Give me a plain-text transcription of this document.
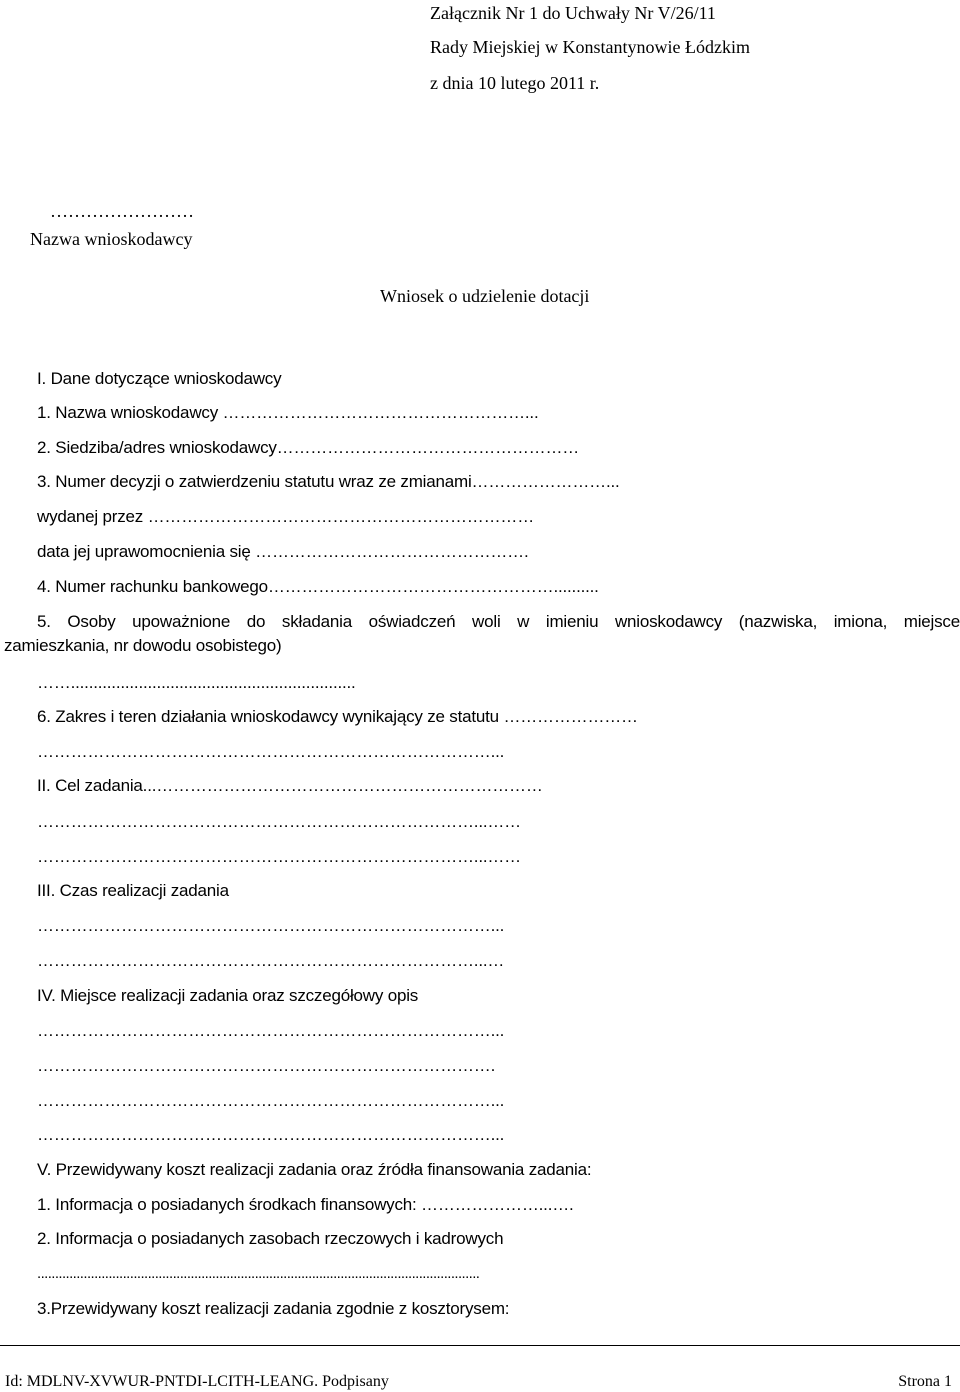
Załącznik Nr 1 do Uchwały Nr V/26/11

Rady Miejskiej w Konstantynowie Łódzkim

z dnia 10 lutego 2011 r.

……………………

Nazwa wnioskodawcy

Wniosek o udzielenie dotacji

I. Dane dotyczące wnioskodawcy

1. Nazwa wnioskodawcy ………………………………………………...

2. Siedziba/adres wnioskodawcy………………………………………………

3. Numer decyzji o zatwierdzeniu statutu wraz ze zmianami……………………...

wydanej przez ……………………………………………………………

data jej uprawomocnienia się ………………………………………….

4. Numer rachunku bankowego……………………………………………..........

5. Osoby upoważnione do składania oświadczeń woli w imieniu wnioskodawcy (nazwiska, imiona, miejsce

zamieszkania, nr dowodu osobistego)

……...............................................................

6. Zakres i teren działania wnioskodawcy wynikający ze statutu ……………………

………………………………………………………………………...

II. Cel zadania...……………………………………………………………

……………………………………………………………………...……

……………………………………………………………………...……

III. Czas realizacji zadania

………………………………………………………………………...

……………………………………………………………………...…

IV. Miejsce realizacji zadania oraz szczegółowy opis

………………………………………………………………………...

……………………………………………………………………….

………………………………………………………………………...

………………………………………………………………………...

V. Przewidywany koszt realizacji zadania oraz źródła finansowania zadania:

1. Informacja o posiadanych środkach finansowych: …………………...….

2. Informacja o posiadanych zasobach rzeczowych i kadrowych

............................................................................................................................

3.Przewidywany koszt realizacji zadania zgodnie z kosztorysem:

Id: MDLNV-XVWUR-PNTDI-LCITH-LEANG. Podpisany	Strona 1
